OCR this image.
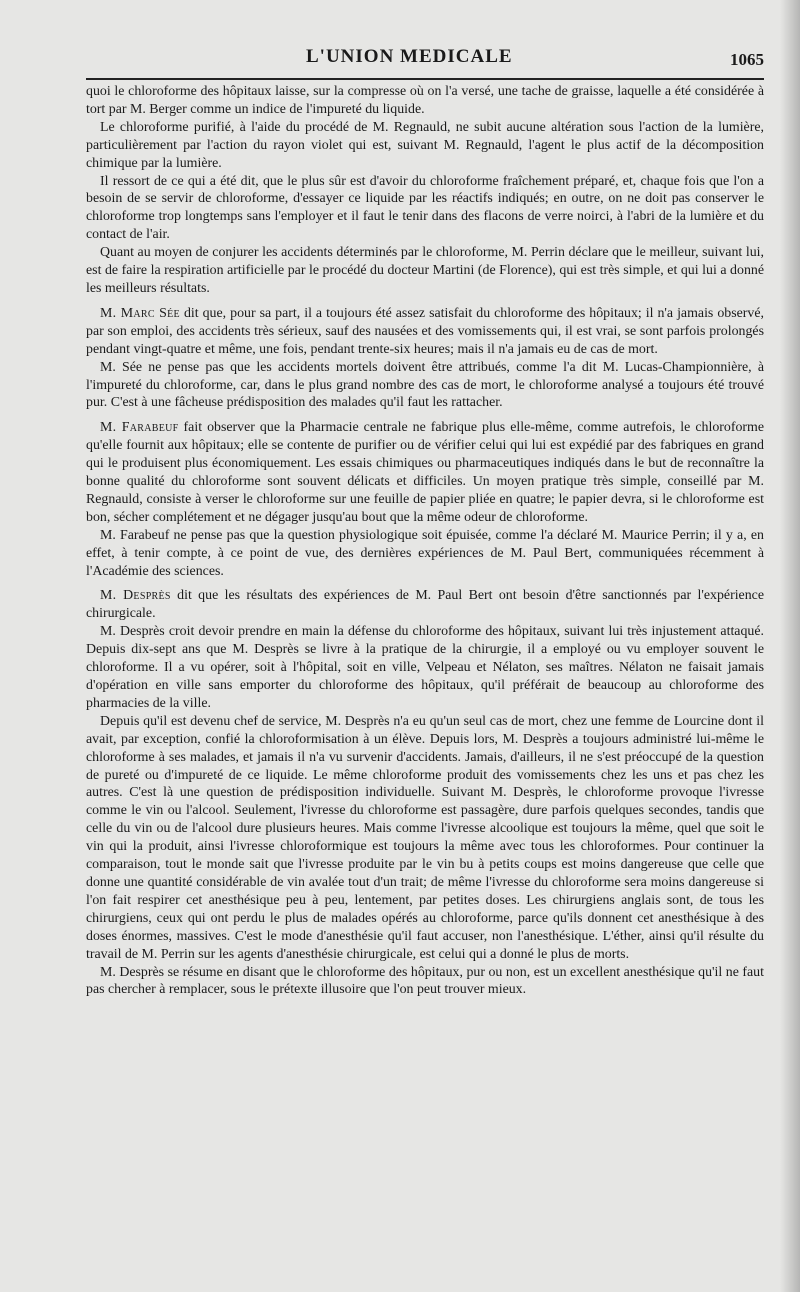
L'UNION MEDICALE	1065

quoi le chloroforme des hôpitaux laisse, sur la compresse où on l'a versé, une tache de graisse, laquelle a été considérée à tort par M. Berger comme un indice de l'impureté du liquide.

Le chloroforme purifié, à l'aide du procédé de M. Regnauld, ne subit aucune altération sous l'action de la lumière, particulièrement par l'action du rayon violet qui est, suivant M. Regnauld, l'agent le plus actif de la décomposition chimique par la lumière.

Il ressort de ce qui a été dit, que le plus sûr est d'avoir du chloroforme fraîchement préparé, et, chaque fois que l'on a besoin de se servir de chloroforme, d'essayer ce liquide par les réactifs indiqués; en outre, on ne doit pas conserver le chloroforme trop longtemps sans l'employer et il faut le tenir dans des flacons de verre noirci, à l'abri de la lumière et du contact de l'air.

Quant au moyen de conjurer les accidents déterminés par le chloroforme, M. Perrin déclare que le meilleur, suivant lui, est de faire la respiration artificielle par le procédé du docteur Martini (de Florence), qui est très simple, et qui lui a donné les meilleurs résultats.

M. Marc Sée dit que, pour sa part, il a toujours été assez satisfait du chloroforme des hôpitaux; il n'a jamais observé, par son emploi, des accidents très sérieux, sauf des nausées et des vomissements qui, il est vrai, se sont parfois prolongés pendant vingt-quatre et même, une fois, pendant trente-six heures; mais il n'a jamais eu de cas de mort.

M. Sée ne pense pas que les accidents mortels doivent être attribués, comme l'a dit M. Lucas-Championnière, à l'impureté du chloroforme, car, dans le plus grand nombre des cas de mort, le chloroforme analysé a toujours été trouvé pur. C'est à une fâcheuse prédisposition des malades qu'il faut les rattacher.

M. Farabeuf fait observer que la Pharmacie centrale ne fabrique plus elle-même, comme autrefois, le chloroforme qu'elle fournit aux hôpitaux; elle se contente de purifier ou de vérifier celui qui lui est expédié par des fabriques en grand qui le produisent plus économiquement. Les essais chimiques ou pharmaceutiques indiqués dans le but de reconnaître la bonne qualité du chloroforme sont souvent délicats et difficiles. Un moyen pratique très simple, conseillé par M. Regnauld, consiste à verser le chloroforme sur une feuille de papier pliée en quatre; le papier devra, si le chloroforme est bon, sécher complétement et ne dégager jusqu'au bout que la même odeur de chloroforme.

M. Farabeuf ne pense pas que la question physiologique soit épuisée, comme l'a déclaré M. Maurice Perrin; il y a, en effet, à tenir compte, à ce point de vue, des dernières expériences de M. Paul Bert, communiquées récemment à l'Académie des sciences.

M. Desprès dit que les résultats des expériences de M. Paul Bert ont besoin d'être sanctionnés par l'expérience chirurgicale.

M. Desprès croit devoir prendre en main la défense du chloroforme des hôpitaux, suivant lui très injustement attaqué. Depuis dix-sept ans que M. Desprès se livre à la pratique de la chirurgie, il a employé ou vu employer souvent le chloroforme. Il a vu opérer, soit à l'hôpital, soit en ville, Velpeau et Nélaton, ses maîtres. Nélaton ne faisait jamais d'opération en ville sans emporter du chloroforme des hôpitaux, qu'il préférait de beaucoup au chloroforme des pharmacies de la ville.

Depuis qu'il est devenu chef de service, M. Desprès n'a eu qu'un seul cas de mort, chez une femme de Lourcine dont il avait, par exception, confié la chloroformisation à un élève. Depuis lors, M. Desprès a toujours administré lui-même le chloroforme à ses malades, et jamais il n'a vu survenir d'accidents. Jamais, d'ailleurs, il ne s'est préoccupé de la question de pureté ou d'impureté de ce liquide. Le même chloroforme produit des vomissements chez les uns et pas chez les autres. C'est là une question de prédisposition individuelle. Suivant M. Desprès, le chloroforme provoque l'ivresse comme le vin ou l'alcool. Seulement, l'ivresse du chloroforme est passagère, dure parfois quelques secondes, tandis que celle du vin ou de l'alcool dure plusieurs heures. Mais comme l'ivresse alcoolique est toujours la même, quel que soit le vin qui la produit, ainsi l'ivresse chloroformique est toujours la même avec tous les chloroformes. Pour continuer la comparaison, tout le monde sait que l'ivresse produite par le vin bu à petits coups est moins dangereuse que celle que donne une quantité considérable de vin avalée tout d'un trait; de même l'ivresse du chloroforme sera moins dangereuse si l'on fait respirer cet anesthésique peu à peu, lentement, par petites doses. Les chirurgiens anglais sont, de tous les chirurgiens, ceux qui ont perdu le plus de malades opérés au chloroforme, parce qu'ils donnent cet anesthésique à des doses énormes, massives. C'est le mode d'anesthésie qu'il faut accuser, non l'anesthésique. L'éther, ainsi qu'il résulte du travail de M. Perrin sur les agents d'anesthésie chirurgicale, est celui qui a donné le plus de morts.

M. Desprès se résume en disant que le chloroforme des hôpitaux, pur ou non, est un excellent anesthésique qu'il ne faut pas chercher à remplacer, sous le prétexte illusoire que l'on peut trouver mieux.
